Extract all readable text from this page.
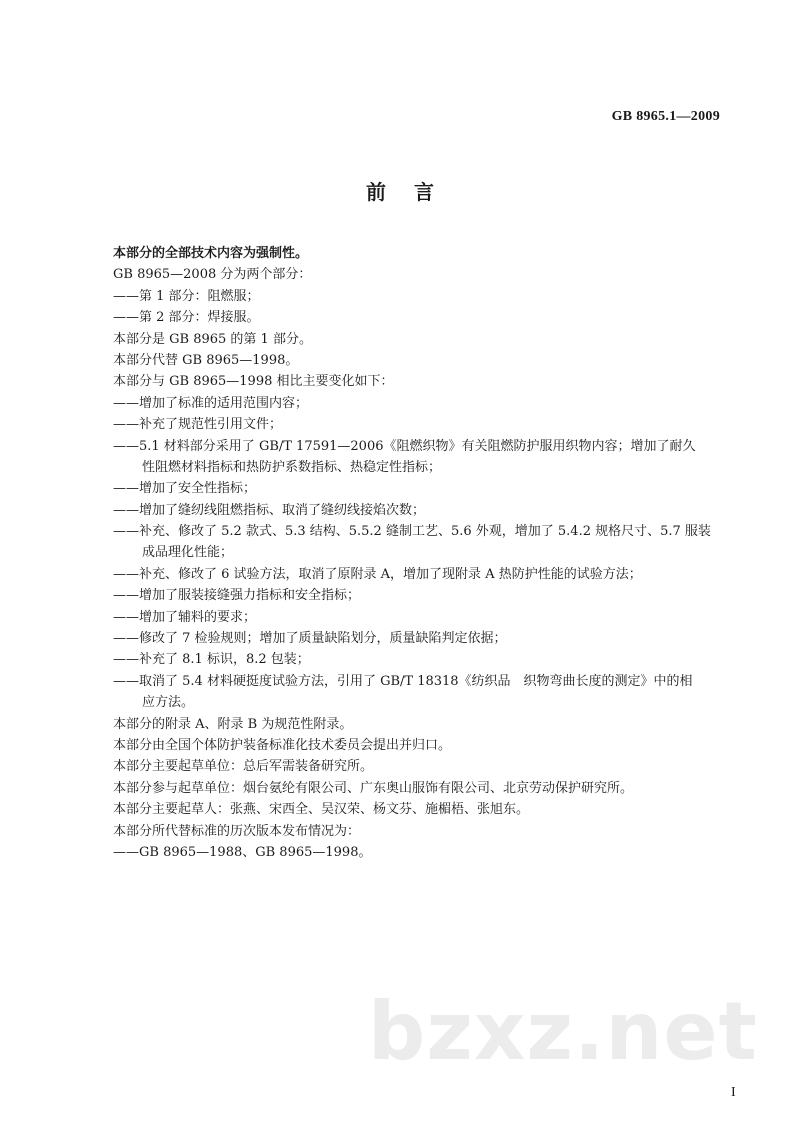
GB 8965.1—2009
前言
本部分的全部技术内容为强制性。
GB 8965—2008 分为两个部分：
——第 1 部分：阻燃服；
——第 2 部分：焊接服。
本部分是 GB 8965 的第 1 部分。
本部分代替 GB 8965—1998。
本部分与 GB 8965—1998 相比主要变化如下：
——增加了标准的适用范围内容；
——补充了规范性引用文件；
——5.1 材料部分采用了 GB/T 17591—2006《阻燃织物》有关阻燃防护服用织物内容；增加了耐久
性阻燃材料指标和热防护系数指标、热稳定性指标；
——增加了安全性指标；
——增加了缝纫线阻燃指标、取消了缝纫线接焰次数；
——补充、修改了 5.2 款式、5.3 结构、5.5.2 缝制工艺、5.6 外观，增加了 5.4.2 规格尺寸、5.7 服装
成品理化性能；
——补充、修改了 6 试验方法，取消了原附录 A，增加了现附录 A 热防护性能的试验方法；
——增加了服装接缝强力指标和安全指标；
——增加了辅料的要求；
——修改了 7 检验规则；增加了质量缺陷划分，质量缺陷判定依据；
——补充了 8.1 标识，8.2 包装；
——取消了 5.4 材料硬挺度试验方法，引用了 GB/T 18318《纺织品　织物弯曲长度的测定》中的相
应方法。
本部分的附录 A、附录 B 为规范性附录。
本部分由全国个体防护装备标准化技术委员会提出并归口。
本部分主要起草单位：总后军需装备研究所。
本部分参与起草单位：烟台氨纶有限公司、广东奥山服饰有限公司、北京劳动保护研究所。
本部分主要起草人：张燕、宋西全、吴汉荣、杨文芬、施楣梧、张旭东。
本部分所代替标准的历次版本发布情况为：
——GB 8965—1988、GB 8965—1998。
bzxz.net
I
